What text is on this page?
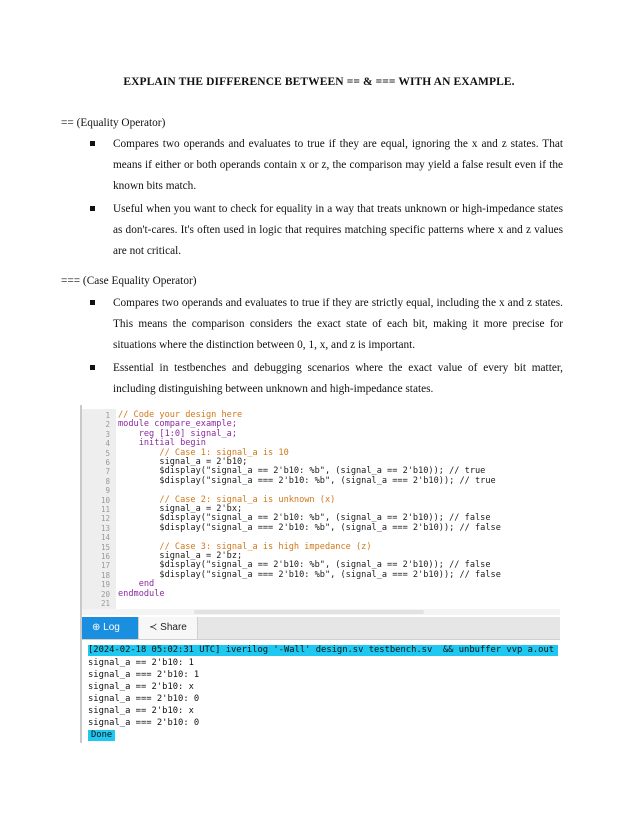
EXPLAIN THE DIFFERENCE BETWEEN == & === WITH AN EXAMPLE.
== (Equality Operator)
Compares two operands and evaluates to true if they are equal, ignoring the x and z states. That means if either or both operands contain x or z, the comparison may yield a false result even if the known bits match.
Useful when you want to check for equality in a way that treats unknown or high-impedance states as don't-cares. It's often used in logic that requires matching specific patterns where x and z values are not critical.
=== (Case Equality Operator)
Compares two operands and evaluates to true if they are strictly equal, including the x and z states. This means the comparison considers the exact state of each bit, making it more precise for situations where the distinction between 0, 1, x, and z is important.
Essential in testbenches and debugging scenarios where the exact value of every bit matter, including distinguishing between unknown and high-impedance states.
1 // Code your design here
2 module compare_example;
3 reg [1:0] signal_a;
4 initial begin
5 // Case 1: signal_a is 10
6 signal_a = 2'b10;
7 $display("signal_a == 2'b10: %b", (signal_a == 2'b10)); // true
8 $display("signal_a === 2'b10: %b", (signal_a === 2'b10)); // true
9
10 // Case 2: signal_a is unknown (x)
11 signal_a = 2'bx;
12 $display("signal_a == 2'b10: %b", (signal_a == 2'b10)); // false
13 $display("signal_a === 2'b10: %b", (signal_a === 2'b10)); // false
14
15 // Case 3: signal_a is high impedance (z)
16 signal_a = 2'bz;
17 $display("signal_a == 2'b10: %b", (signal_a == 2'b10)); // false
18 $display("signal_a === 2'b10: %b", (signal_a === 2'b10)); // false
19 end
20 endmodule
21
⊕ Log	≺ Share
[2024-02-18 05:02:31 UTC] iverilog '-Wall' design.sv testbench.sv  && unbuffer vvp a.out
signal_a == 2'b10: 1
signal_a === 2'b10: 1
signal_a == 2'b10: x
signal_a === 2'b10: 0
signal_a == 2'b10: x
signal_a === 2'b10: 0
Done
